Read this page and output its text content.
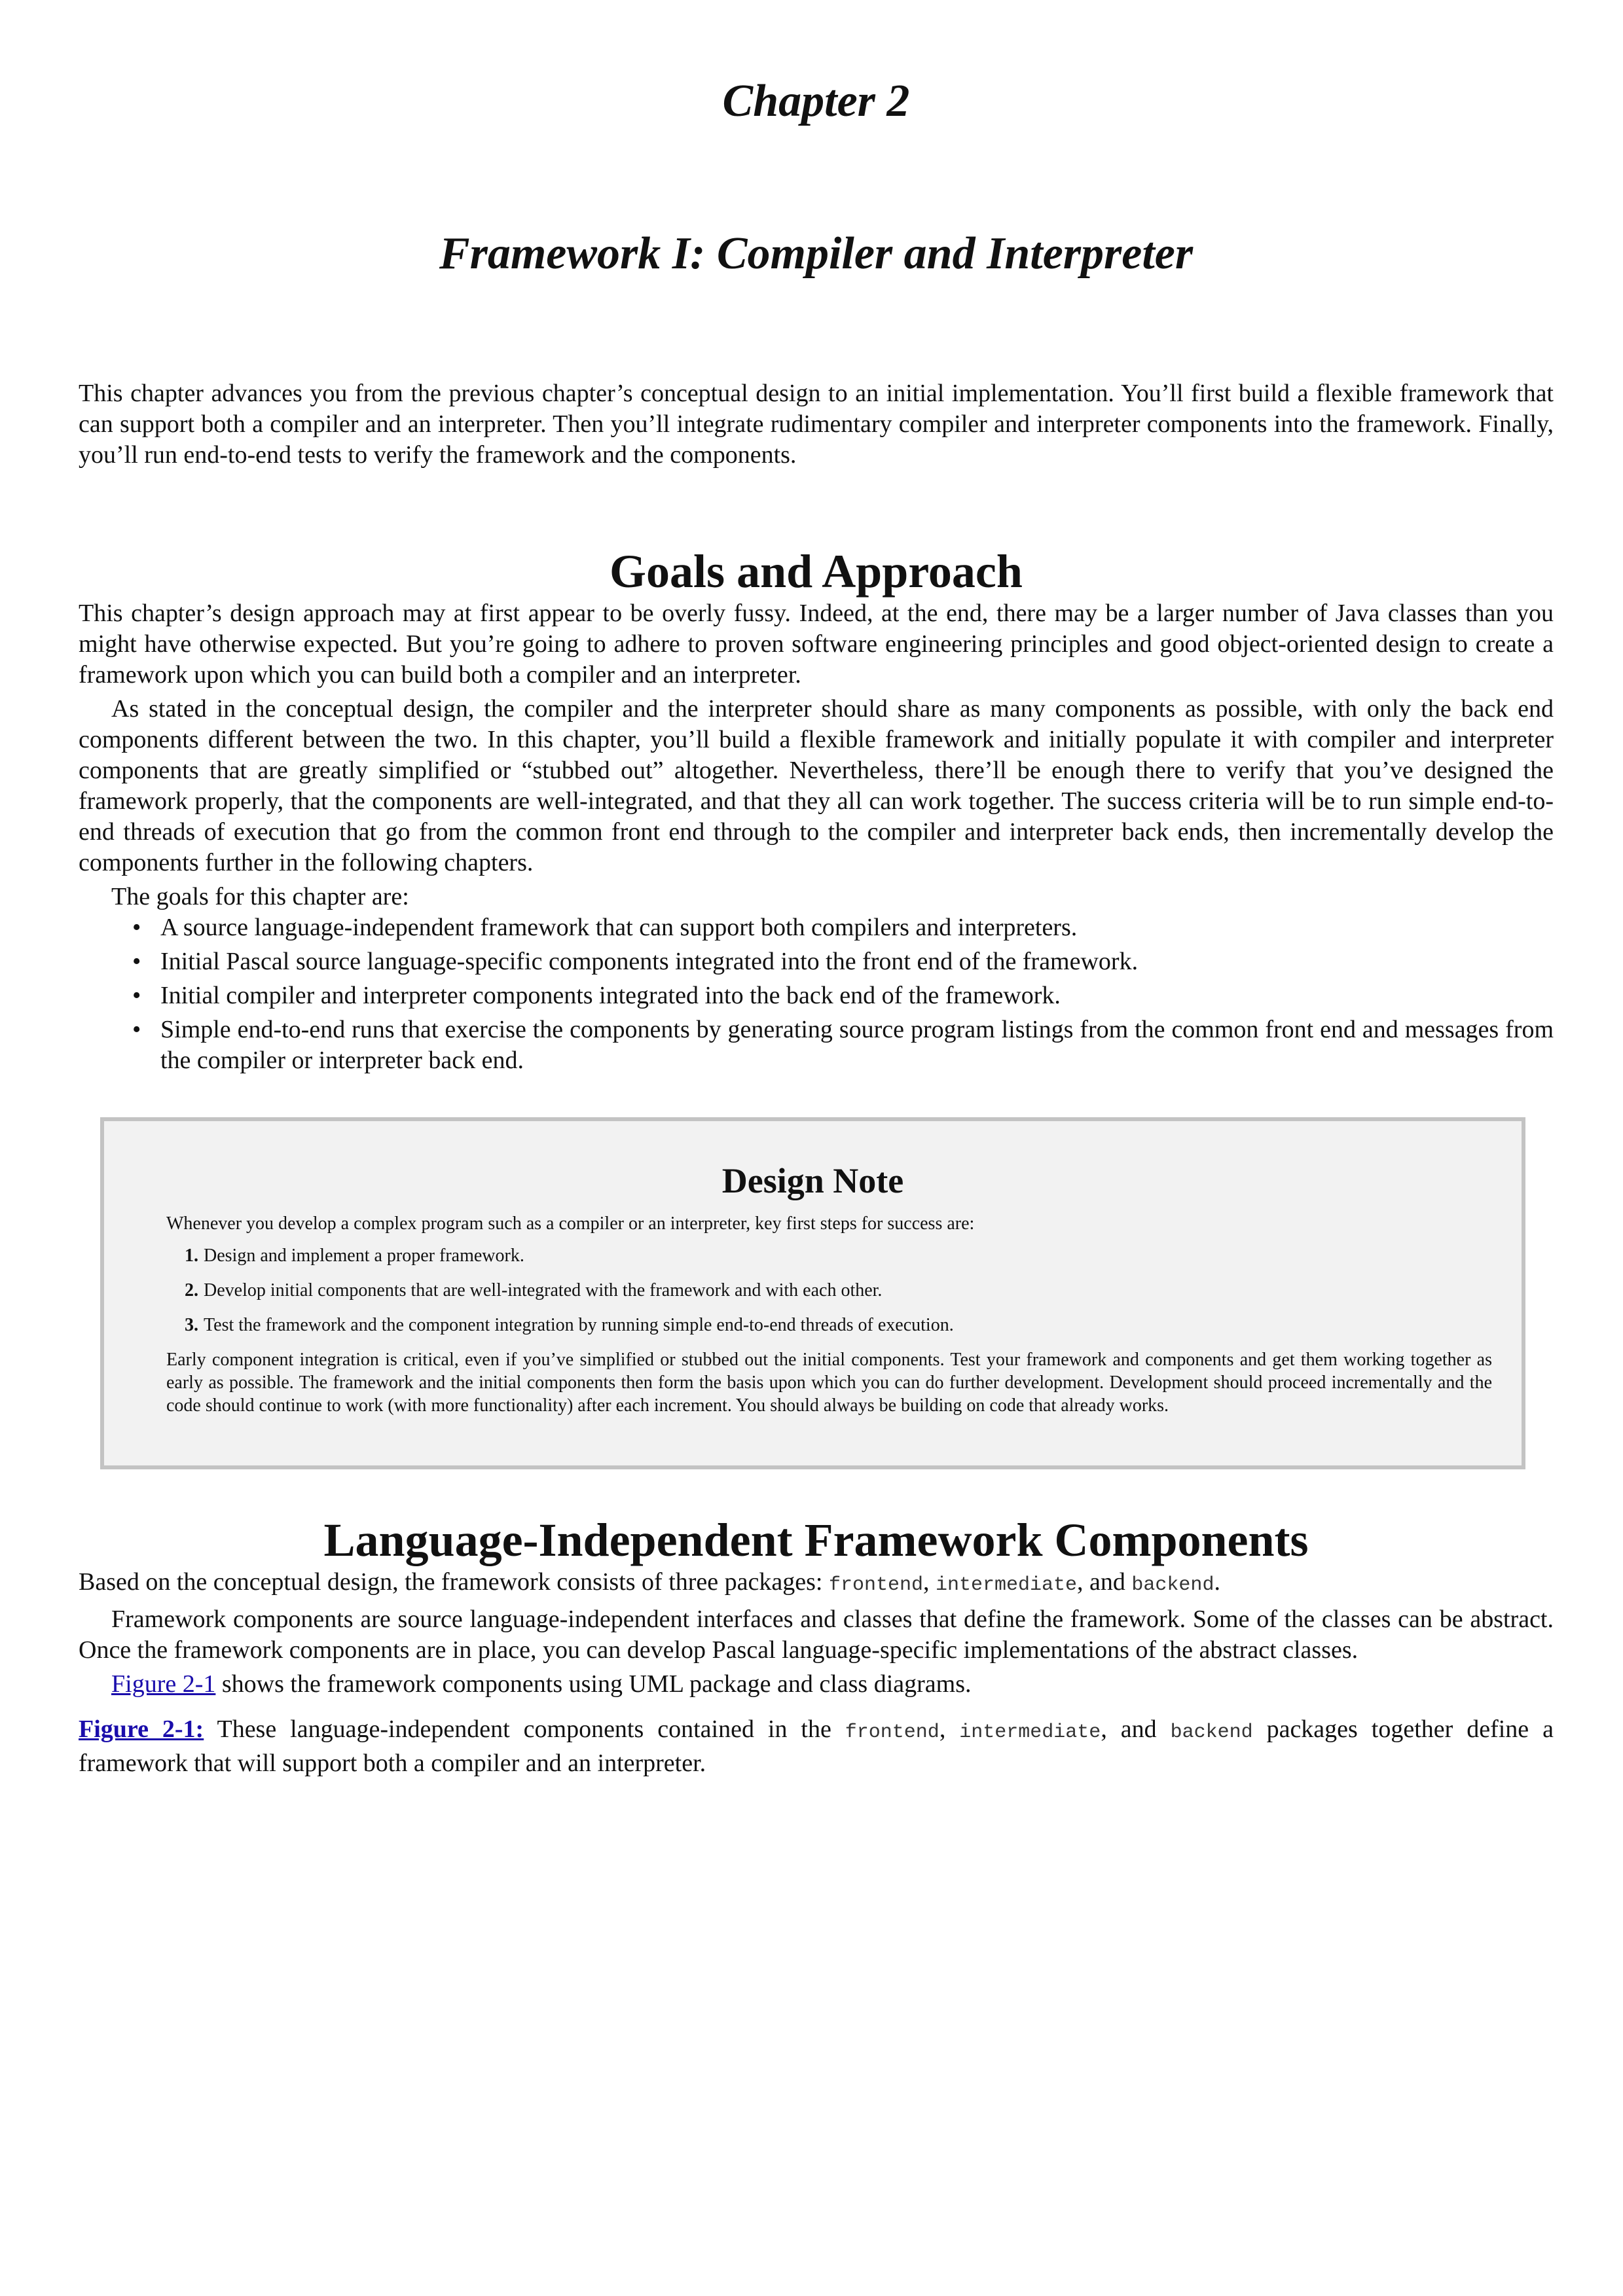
Chapter 2
Framework I: Compiler and Interpreter

This chapter advances you from the previous chapter’s conceptual design to an initial implementation. You’ll first build a flexible framework that can support both a compiler and an interpreter. Then you’ll integrate rudimentary compiler and interpreter components into the framework. Finally, you’ll run end-to-end tests to verify the framework and the components.

Goals and Approach

This chapter’s design approach may at first appear to be overly fussy. Indeed, at the end, there may be a larger number of Java classes than you might have otherwise expected. But you’re going to adhere to proven software engineering principles and good object-oriented design to create a framework upon which you can build both a compiler and an interpreter.

As stated in the conceptual design, the compiler and the interpreter should share as many components as possible, with only the back end components different between the two. In this chapter, you’ll build a flexible framework and initially populate it with compiler and interpreter components that are greatly simplified or “stubbed out” altogether. Nevertheless, there’ll be enough there to verify that you’ve designed the framework properly, that the components are well-integrated, and that they all can work together. The success criteria will be to run simple end-to-end threads of execution that go from the common front end through to the compiler and interpreter back ends, then incrementally develop the components further in the following chapters.

The goals for this chapter are:

• A source language-independent framework that can support both compilers and interpreters.
• Initial Pascal source language-specific components integrated into the front end of the framework.
• Initial compiler and interpreter components integrated into the back end of the framework.
• Simple end-to-end runs that exercise the components by generating source program listings from the common front end and messages from the compiler or interpreter back end.
Design Note

Whenever you develop a complex program such as a compiler or an interpreter, key first steps for success are:

1. Design and implement a proper framework.
2. Develop initial components that are well-integrated with the framework and with each other.
3. Test the framework and the component integration by running simple end-to-end threads of execution.

Early component integration is critical, even if you’ve simplified or stubbed out the initial components. Test your framework and components and get them working together as early as possible. The framework and the initial components then form the basis upon which you can do further development. Development should proceed incrementally and the code should continue to work (with more functionality) after each increment. You should always be building on code that already works.

Language-Independent Framework Components

Based on the conceptual design, the framework consists of three packages: frontend, intermediate, and backend.

Framework components are source language-independent interfaces and classes that define the framework. Some of the classes can be abstract. Once the framework components are in place, you can develop Pascal language-specific implementations of the abstract classes.

Figure 2-1 shows the framework components using UML package and class diagrams.

Figure 2-1: These language-independent components contained in the frontend, intermediate, and backend packages together define a framework that will support both a compiler and an interpreter.
